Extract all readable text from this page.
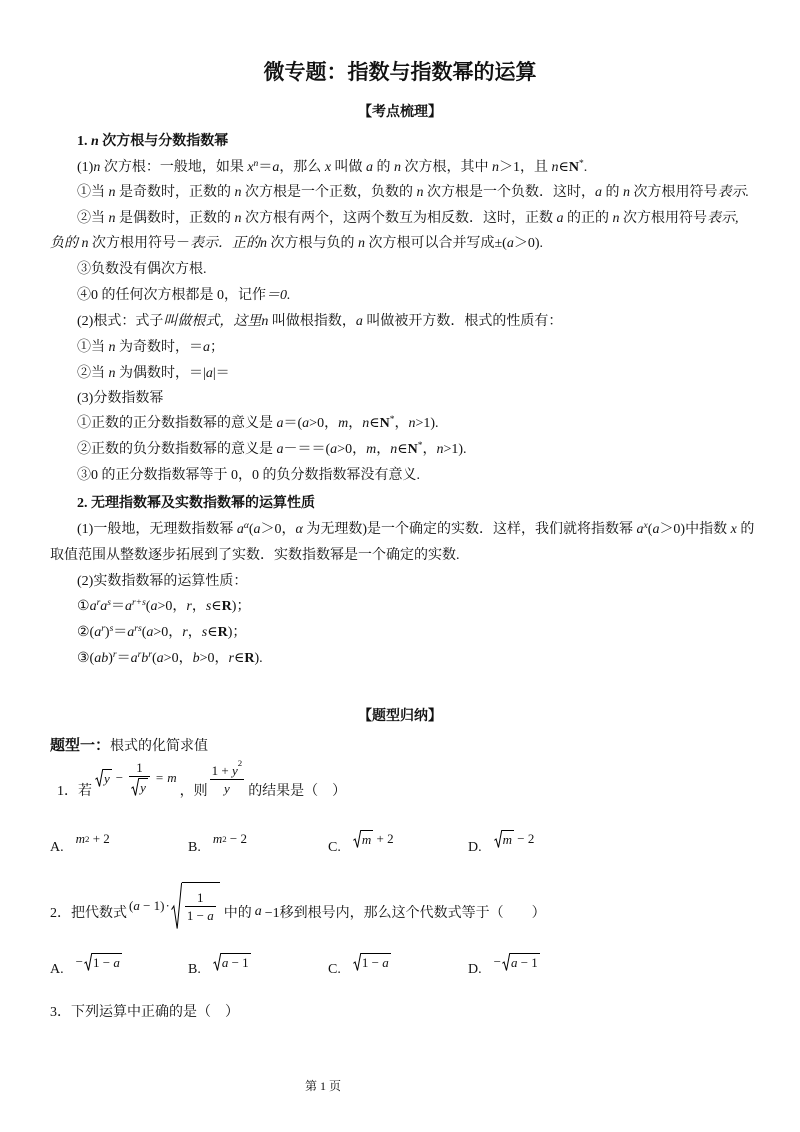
微专题：指数与指数幂的运算
【考点梳理】
1. n 次方根与分数指数幂
(1)n 次方根：一般地，如果 $x^n=a$，那么 x 叫做 a 的 n 次方根，其中 n＞1，且 n∈N*.
①当 n 是奇数时，正数的 n 次方根是一个正数，负数的 n 次方根是一个负数．这时，a 的 n 次方根用符号表示.
②当 n 是偶数时，正数的 n 次方根有两个，这两个数互为相反数．这时，正数 a 的正的 n 次方根用符号表示,
负的 n 次方根用符号－表示．正的n 次方根与负的 n 次方根可以合并写成±(a＞0).
③负数没有偶次方根.
④0 的任何次方根都是 0，记作＝0.
(2)根式：式子叫做根式，这里n 叫做根指数，a 叫做被开方数．根式的性质有：
①当 n 为奇数时，＝a；
②当 n 为偶数时，＝|a|＝
(3)分数指数幂
①正数的正分数指数幂的意义是 a＝(a>0，m，n∈N*，n>1).
②正数的负分数指数幂的意义是 a－＝＝(a>0，m，n∈N*，n>1).
③0 的正分数指数幂等于 0，0 的负分数指数幂没有意义.
2. 无理指数幂及实数指数幂的运算性质
(1)一般地，无理数指数幂 $a^\alpha(a>0$，α 为无理数)是一个确定的实数．这样，我们就将指数幂 $a^x(a>0)$中指数 x 的
取值范围从整数逐步拓展到了实数．实数指数幂是一个确定的实数.
(2)实数指数幂的运算性质：
$①a^ra^s=a^{r+s}(a>0$，r，s∈R)；
$②(a^r)^s=a^{rs}(a>0$，r，s∈R)；
$③(ab)^r=a^rb^r(a>0$，b>0，r∈R).
【题型归纳】
题型一：根式的化简求值
1．若
$y - \frac{1}{y} = m$
，则 $\frac{1 + y 2}{y}$ 的结果是（　）
A.
m 2 + 2
B.
m 2 − 2
C.
m + 2
D.
m − 2
2．把代数式
$(a - 1) \cdot \frac{1}{1 - a}$ 中的 a −1移到根号内，那么这个代数式等于（　　）
A.
− 1 − a	B. a − 1	C. 1 − a	D.
− a − 1
3．下列运算中正确的是（　）
第 1 页
